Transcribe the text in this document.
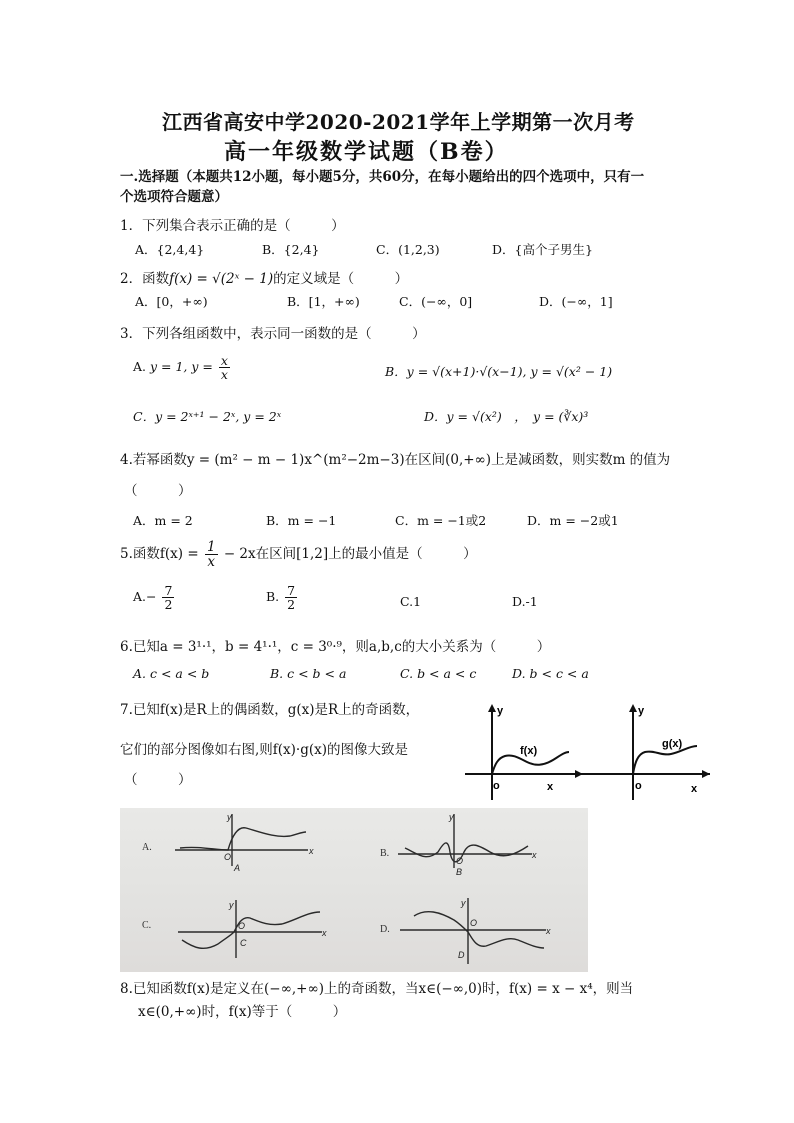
江西省高安中学2020-2021学年上学期第一次月考
高一年级数学试题（B卷）
一.选择题（本题共12小题，每小题5分，共60分，在每小题给出的四个选项中，只有一
个选项符合题意）
1．下列集合表示正确的是（　　　）
A．{2,4,4}	B．{2,4}	C．(1,2,3)	D．{高个子男生}
2．函数f(x) = √(2ˣ − 1)的定义域是（　　　）
A．[0，+∞)	B．[1，+∞)	C．(−∞，0]	D．(−∞，1]
3．下列各组函数中，表示同一函数的是（　　　）
A. y = 1, $y = \frac{x}{x}$	B．y = √(x+1)·√(x−1), y = √(x² − 1)
C．y = 2ˣ⁺¹ − 2ˣ, y = 2ˣ	D．y = √(x²)　，　y = (∛x)³
4.若幂函数y = (m² − m − 1)x^(m²−2m−3)在区间(0,+∞)上是减函数，则实数m 的值为
（　　　）
A．m = 2	B．m = −1	C．m = −1或2	D．m = −2或1
5.函数$f(x) = \frac{1}{x} - 2x$在区间[1,2]上的最小值是（　　　）
$A.- \frac{7}{2}$	B. $\frac{7}{2}$	C.1	D.-1
6.已知a = 3¹·¹，b = 4¹·¹，c = 3⁰·⁹，则a,b,c的大小关系为（　　　）
A. c < a < b	B. c < b < a	C. b < a < c	D. b < c < a
7.已知f(x)是R上的偶函数，g(x)是R上的奇函数，
它们的部分图像如右图,则f(x)·g(x)的图像大致是
（　　　）
y
x
o
f(x)
y
x
o
g(x)
y
x
O
A
y
x
O
B
y
x
O
C
y
x
O
D
A.
B.
C.	D.
8.已知函数f(x)是定义在(−∞,+∞)上的奇函数，当x∈(−∞,0)时，f(x) = x − x⁴，则当
x∈(0,+∞)时，f(x)等于（　　　）
